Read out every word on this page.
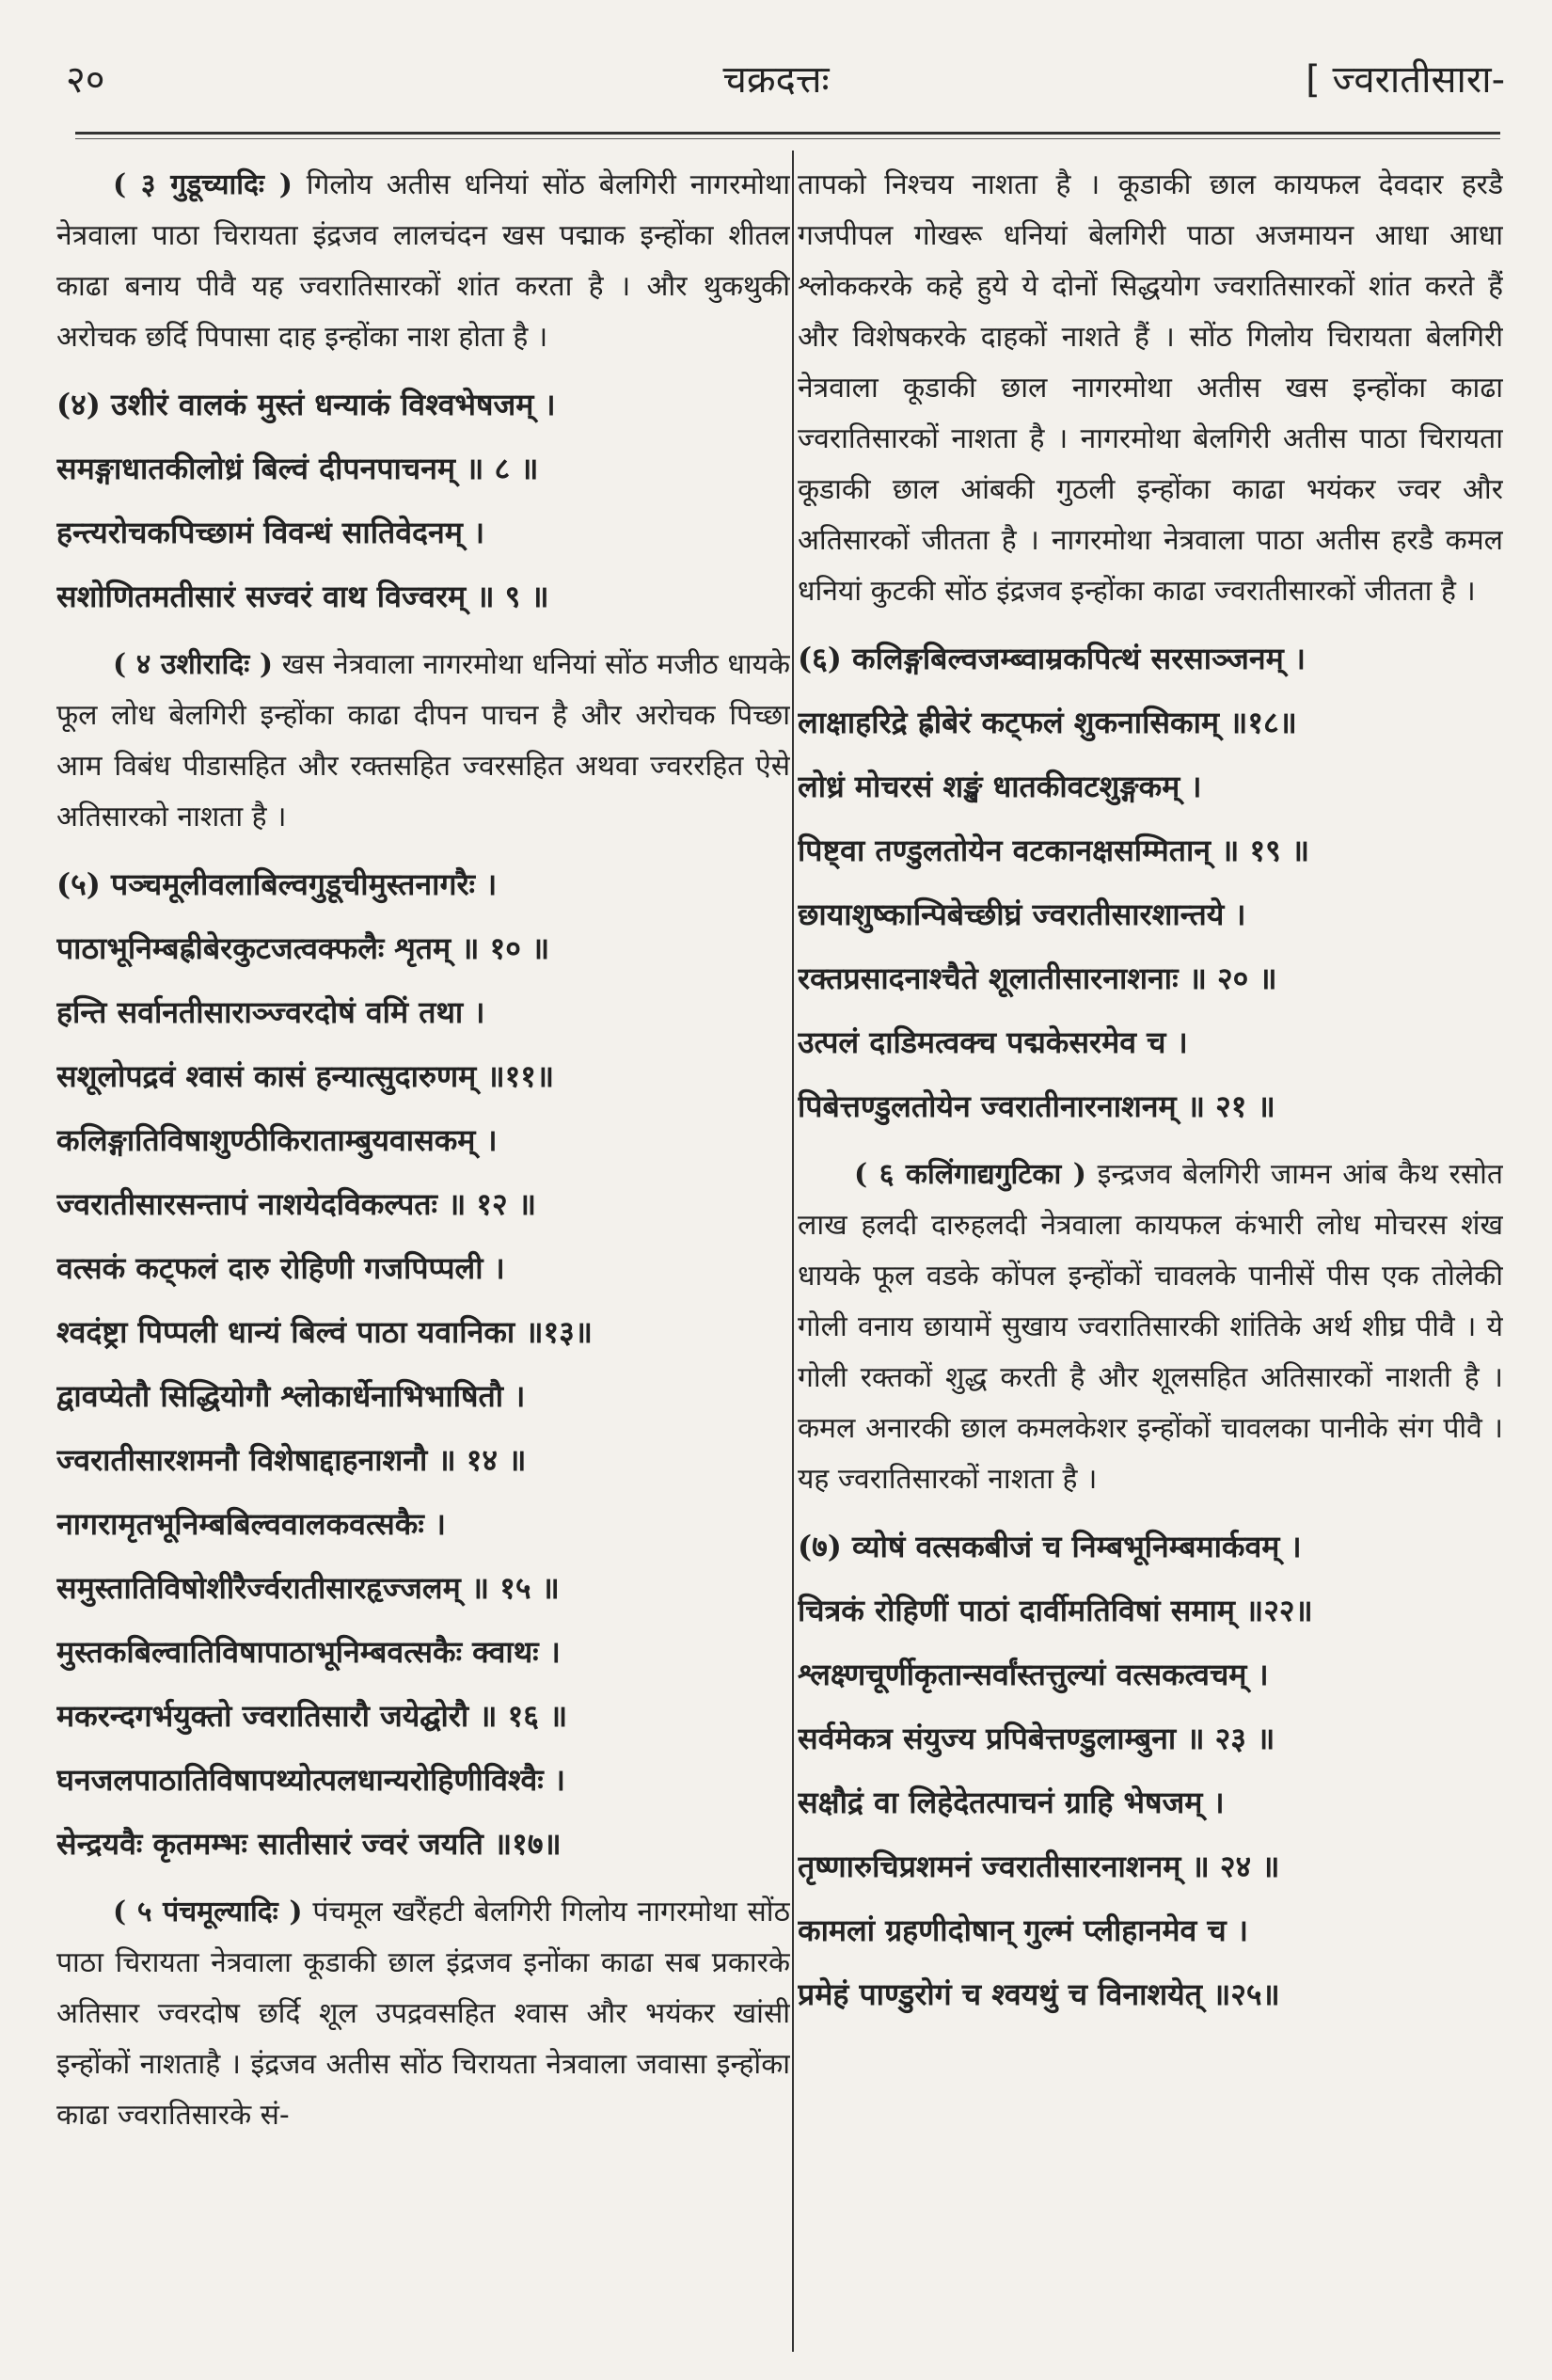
२०	चक्रदत्तः	[ ज्वरातीसारा-

( ३ गुडूच्यादिः ) गिलोय अतीस धनियां सोंठ बेलगिरी नागरमोथा नेत्रवाला पाठा चिरायता इंद्रजव लालचंदन खस पद्माक इन्होंका शीतल काढा बनाय पीवै यह ज्वरातिसारकों शांत करता है । और थुकथुकी अरोचक छर्दि पिपासा दाह इन्होंका नाश होता है ।

(४) उशीरं वालकं मुस्तं धन्याकं विश्वभेषजम् ।
समङ्गाधातकीलोध्रं बिल्वं दीपनपाचनम् ॥ ८ ॥
हन्त्यरोचकपिच्छामं विवन्धं सातिवेदनम् ।
सशोणितमतीसारं सज्वरं वाथ विज्वरम् ॥ ९ ॥

( ४ उशीरादिः ) खस नेत्रवाला नागरमोथा धनियां सोंठ मजीठ धायके फूल लोध बेलगिरी इन्होंका काढा दीपन पाचन है और अरोचक पिच्छा आम विबंध पीडासहित और रक्तसहित ज्वरसहित अथवा ज्वररहित ऐसे अतिसारको नाशता है ।

(५) पञ्चमूलीवलाबिल्वगुडूचीमुस्तनागरैः ।
पाठाभूनिम्बह्रीबेरकुटजत्वक्फलैः शृतम् ॥ १० ॥
हन्ति सर्वानतीसाराञ्ज्वरदोषं वमिं तथा ।
सशूलोपद्रवं श्वासं कासं हन्यात्सुदारुणम् ॥११॥
कलिङ्गातिविषाशुण्ठीकिराताम्बुयवासकम् ।
ज्वरातीसारसन्तापं नाशयेदविकल्पतः ॥ १२ ॥
वत्सकं कट्फलं दारु रोहिणी गजपिप्पली ।
श्वदंष्ट्रा पिप्पली धान्यं बिल्वं पाठा यवानिका ॥१३॥
द्वावप्येतौ सिद्धियोगौ श्लोकार्धेनाभिभाषितौ ।
ज्वरातीसारशमनौ विशेषाद्दाहनाशनौ ॥ १४ ॥
नागरामृतभूनिम्बबिल्ववालकवत्सकैः ।
समुस्तातिविषोशीरैर्ज्वरातीसारहृज्जलम् ॥ १५ ॥
मुस्तकबिल्वातिविषापाठाभूनिम्बवत्सकैः क्वाथः ।
मकरन्दगर्भयुक्तो ज्वरातिसारौ जयेद्घोरौ ॥ १६ ॥
घनजलपाठातिविषापथ्योत्पलधान्यरोहिणीविश्वैः ।
सेन्द्रयवैः कृतमम्भः सातीसारं ज्वरं जयति ॥१७॥

( ५ पंचमूल्यादिः ) पंचमूल खरैंहटी बेलगिरी गिलोय नागरमोथा सोंठ पाठा चिरायता नेत्रवाला कूडाकी छाल इंद्रजव इनोंका काढा सब प्रकारके अतिसार ज्वरदोष छर्दि शूल उपद्रवसहित श्वास और भयंकर खांसी इन्होंकों नाशताहै । इंद्रजव अतीस सोंठ चिरायता नेत्रवाला जवासा इन्होंका काढा ज्वरातिसारके सं-

तापको निश्चय नाशता है । कूडाकी छाल कायफल देवदार हरडै गजपीपल गोखरू धनियां बेलगिरी पाठा अजमायन आधा आधा श्लोककरके कहे हुये ये दोनों सिद्धयोग ज्वरातिसारकों शांत करते हैं और विशेषकरके दाहकों नाशते हैं । सोंठ गिलोय चिरायता बेलगिरी नेत्रवाला कूडाकी छाल नागरमोथा अतीस खस इन्होंका काढा ज्वरातिसारकों नाशता है । नागरमोथा बेलगिरी अतीस पाठा चिरायता कूडाकी छाल आंबकी गुठली इन्होंका काढा भयंकर ज्वर और अतिसारकों जीतता है । नागरमोथा नेत्रवाला पाठा अतीस हरडै कमल धनियां कुटकी सोंठ इंद्रजव इन्होंका काढा ज्वरातीसारकों जीतता है ।

(६) कलिङ्गबिल्वजम्ब्वाम्रकपित्थं सरसाञ्जनम् ।
लाक्षाहरिद्रे ह्रीबेरं कट्फलं शुकनासिकाम् ॥१८॥
लोध्रं मोचरसं शङ्खं धातकीवटशुङ्गकम् ।
पिष्ट्वा तण्डुलतोयेन वटकानक्षसम्मितान् ॥ १९ ॥
छायाशुष्कान्पिबेच्छीघ्रं ज्वरातीसारशान्तये ।
रक्तप्रसादनाश्चैते शूलातीसारनाशनाः ॥ २० ॥
उत्पलं दाडिमत्वक्च पद्मकेसरमेव च ।
पिबेत्तण्डुलतोयेन ज्वरातीनारनाशनम् ॥ २१ ॥

( ६ कलिंगाद्यगुटिका ) इन्द्रजव बेलगिरी जामन आंब कैथ रसोत लाख हलदी दारुहलदी नेत्रवाला कायफल कंभारी लोध मोचरस शंख धायके फूल वडके कोंपल इन्होंकों चावलके पानीसें पीस एक तोलेकी गोली वनाय छायामें सुखाय ज्वरातिसारकी शांतिके अर्थ शीघ्र पीवै । ये गोली रक्तकों शुद्ध करती है और शूलसहित अतिसारकों नाशती है । कमल अनारकी छाल कमलकेशर इन्होंकों चावलका पानीके संग पीवै । यह ज्वरातिसारकों नाशता है ।

(७) व्योषं वत्सकबीजं च निम्बभूनिम्बमार्कवम् ।
चित्रकं रोहिणीं पाठां दार्वीमतिविषां समाम् ॥२२॥
श्लक्ष्णचूर्णीकृतान्सर्वांस्तत्तुल्यां वत्सकत्वचम् ।
सर्वमेकत्र संयुज्य प्रपिबेत्तण्डुलाम्बुना ॥ २३ ॥
सक्षौद्रं वा लिहेदेतत्पाचनं ग्राहि भेषजम् ।
तृष्णारुचिप्रशमनं ज्वरातीसारनाशनम् ॥ २४ ॥
कामलां ग्रहणीदोषान् गुल्मं प्लीहानमेव च ।
प्रमेहं पाण्डुरोगं च श्वयथुं च विनाशयेत् ॥२५॥
